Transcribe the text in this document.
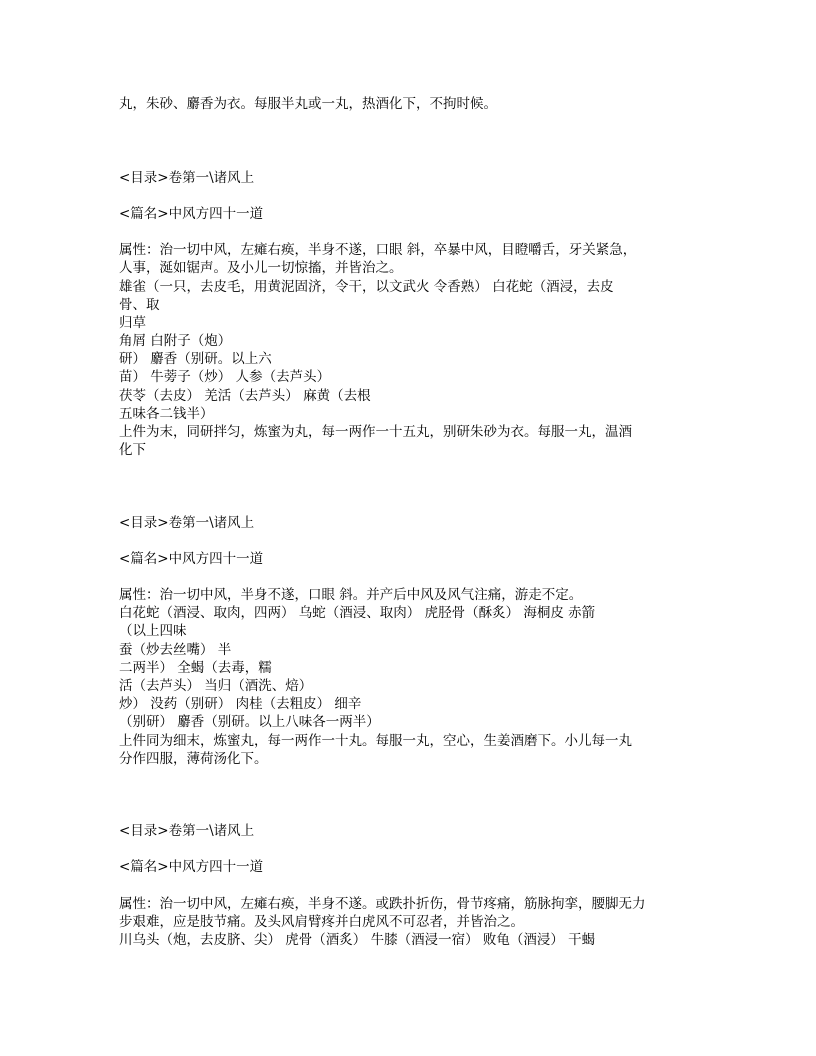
丸，朱砂、麝香为衣。每服半丸或一丸，热酒化下，不拘时候。

<目录>卷第一\诸风上

<篇名>中风方四十一道

属性：治一切中风，左瘫右痪，半身不遂，口眼 斜，卒暴中风，目瞪嚼舌，牙关紧急，

人事，涎如锯声。及小儿一切惊搐，并皆治之。

雄雀（一只，去皮毛，用黄泥固济，令干，以文武火 令香熟） 白花蛇（酒浸，去皮

骨、取

归草

角屑 白附子（炮）

研） 麝香（别研。以上六

苗） 牛蒡子（炒） 人参（去芦头）

茯苓（去皮） 羌活（去芦头） 麻黄（去根

五味各二钱半）

上件为末，同研拌匀，炼蜜为丸，每一两作一十五丸，别研朱砂为衣。每服一丸，温酒

化下

<目录>卷第一\诸风上

<篇名>中风方四十一道

属性：治一切中风，半身不遂，口眼 斜。并产后中风及风气注痛，游走不定。

白花蛇（酒浸、取肉，四两） 乌蛇（酒浸、取肉） 虎胫骨（酥炙） 海桐皮 赤箭

（以上四味

蚕（炒去丝嘴） 半

二两半） 全蝎（去毒，糯

活（去芦头） 当归（酒洗、焙）

炒） 没药（别研） 肉桂（去粗皮） 细辛

（别研） 麝香（别研。以上八味各一两半）

上件同为细末，炼蜜丸，每一两作一十丸。每服一丸，空心，生姜酒磨下。小儿每一丸

分作四服，薄荷汤化下。

<目录>卷第一\诸风上

<篇名>中风方四十一道

属性：治一切中风，左瘫右痪，半身不遂。或跌扑折伤，骨节疼痛，筋脉拘挛，腰脚无力

步艰难，应是肢节痛。及头风肩臂疼并白虎风不可忍者，并皆治之。

川乌头（炮，去皮脐、尖） 虎骨（酒炙） 牛膝（酒浸一宿） 败龟（酒浸） 干蝎
